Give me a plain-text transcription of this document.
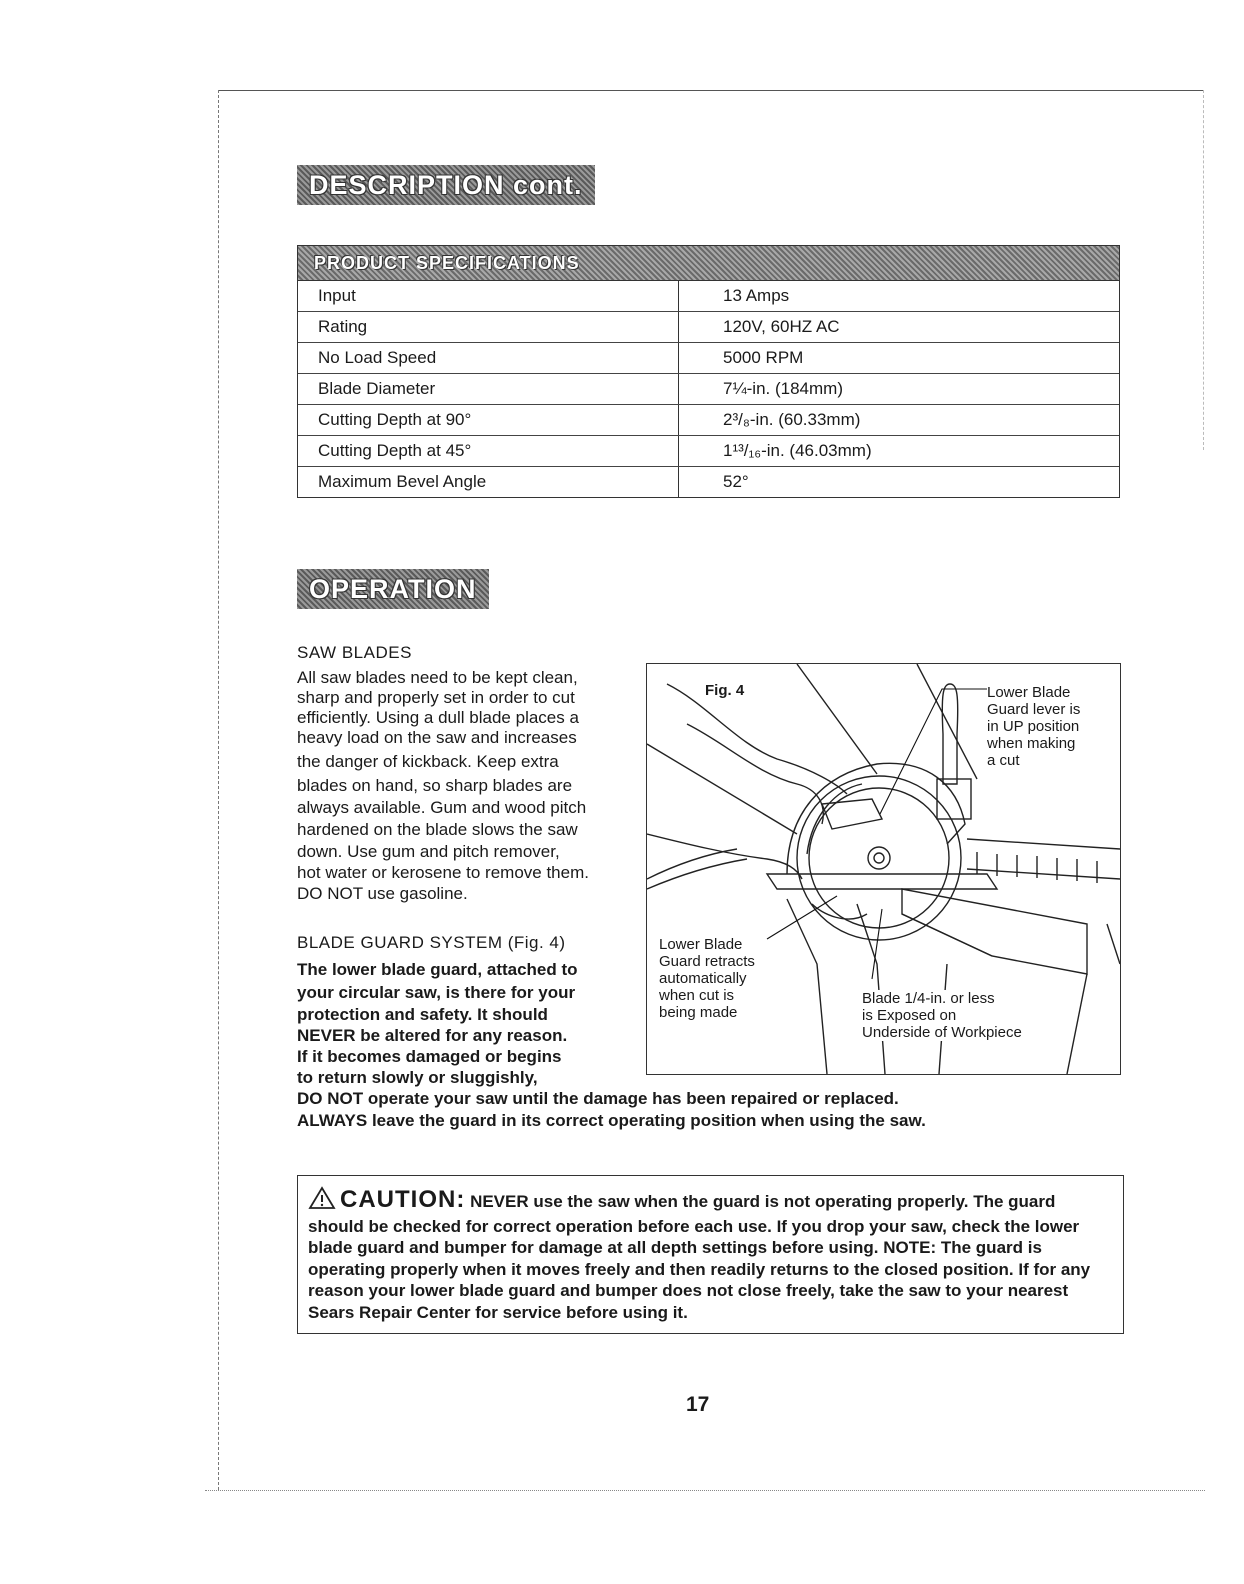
DESCRIPTION cont.
PRODUCT SPECIFICATIONS
Input	13 Amps
Rating	120V, 60HZ AC
No Load Speed	5000 RPM
Blade Diameter	7¼-in. (184mm)
Cutting Depth at 90°	2³/₈-in. (60.33mm)
Cutting Depth at 45°	1¹³/₁₆-in. (46.03mm)
Maximum Bevel Angle	52°
OPERATION
SAW BLADES
All saw blades need to be kept clean,
sharp and properly set in order to cut
efficiently. Using a dull blade places a
heavy load on the saw and increases
the danger of kickback. Keep extra
blades on hand, so sharp blades are
always available. Gum and wood pitch
hardened on the blade slows the saw
down. Use gum and pitch remover,
hot water or kerosene to remove them.
DO NOT use gasoline.
BLADE GUARD SYSTEM (Fig. 4)
The lower blade guard, attached to
your circular saw, is there for your
protection and safety. It should
NEVER be altered for any reason.
If it becomes damaged or begins
to return slowly or sluggishly,
DO NOT operate your saw until the damage has been repaired or replaced.
ALWAYS leave the guard in its correct operating position when using the saw.
Fig. 4	Lower Blade
Guard lever is
in UP position
when making
a cut
Lower Blade
Guard retracts
automatically
when cut is
being made
Blade 1/4-in. or less
is Exposed on
Underside of Workpiece
CAUTION: NEVER use the saw when the guard is not operating properly. The guard should be checked for correct operation before each use. If you drop your saw, check the lower blade guard and bumper for damage at all depth settings before using. NOTE: The guard is operating properly when it moves freely and then readily returns to the closed position. If for any reason your lower blade guard and bumper does not close freely, take the saw to your nearest Sears Repair Center for service before using it.
17
